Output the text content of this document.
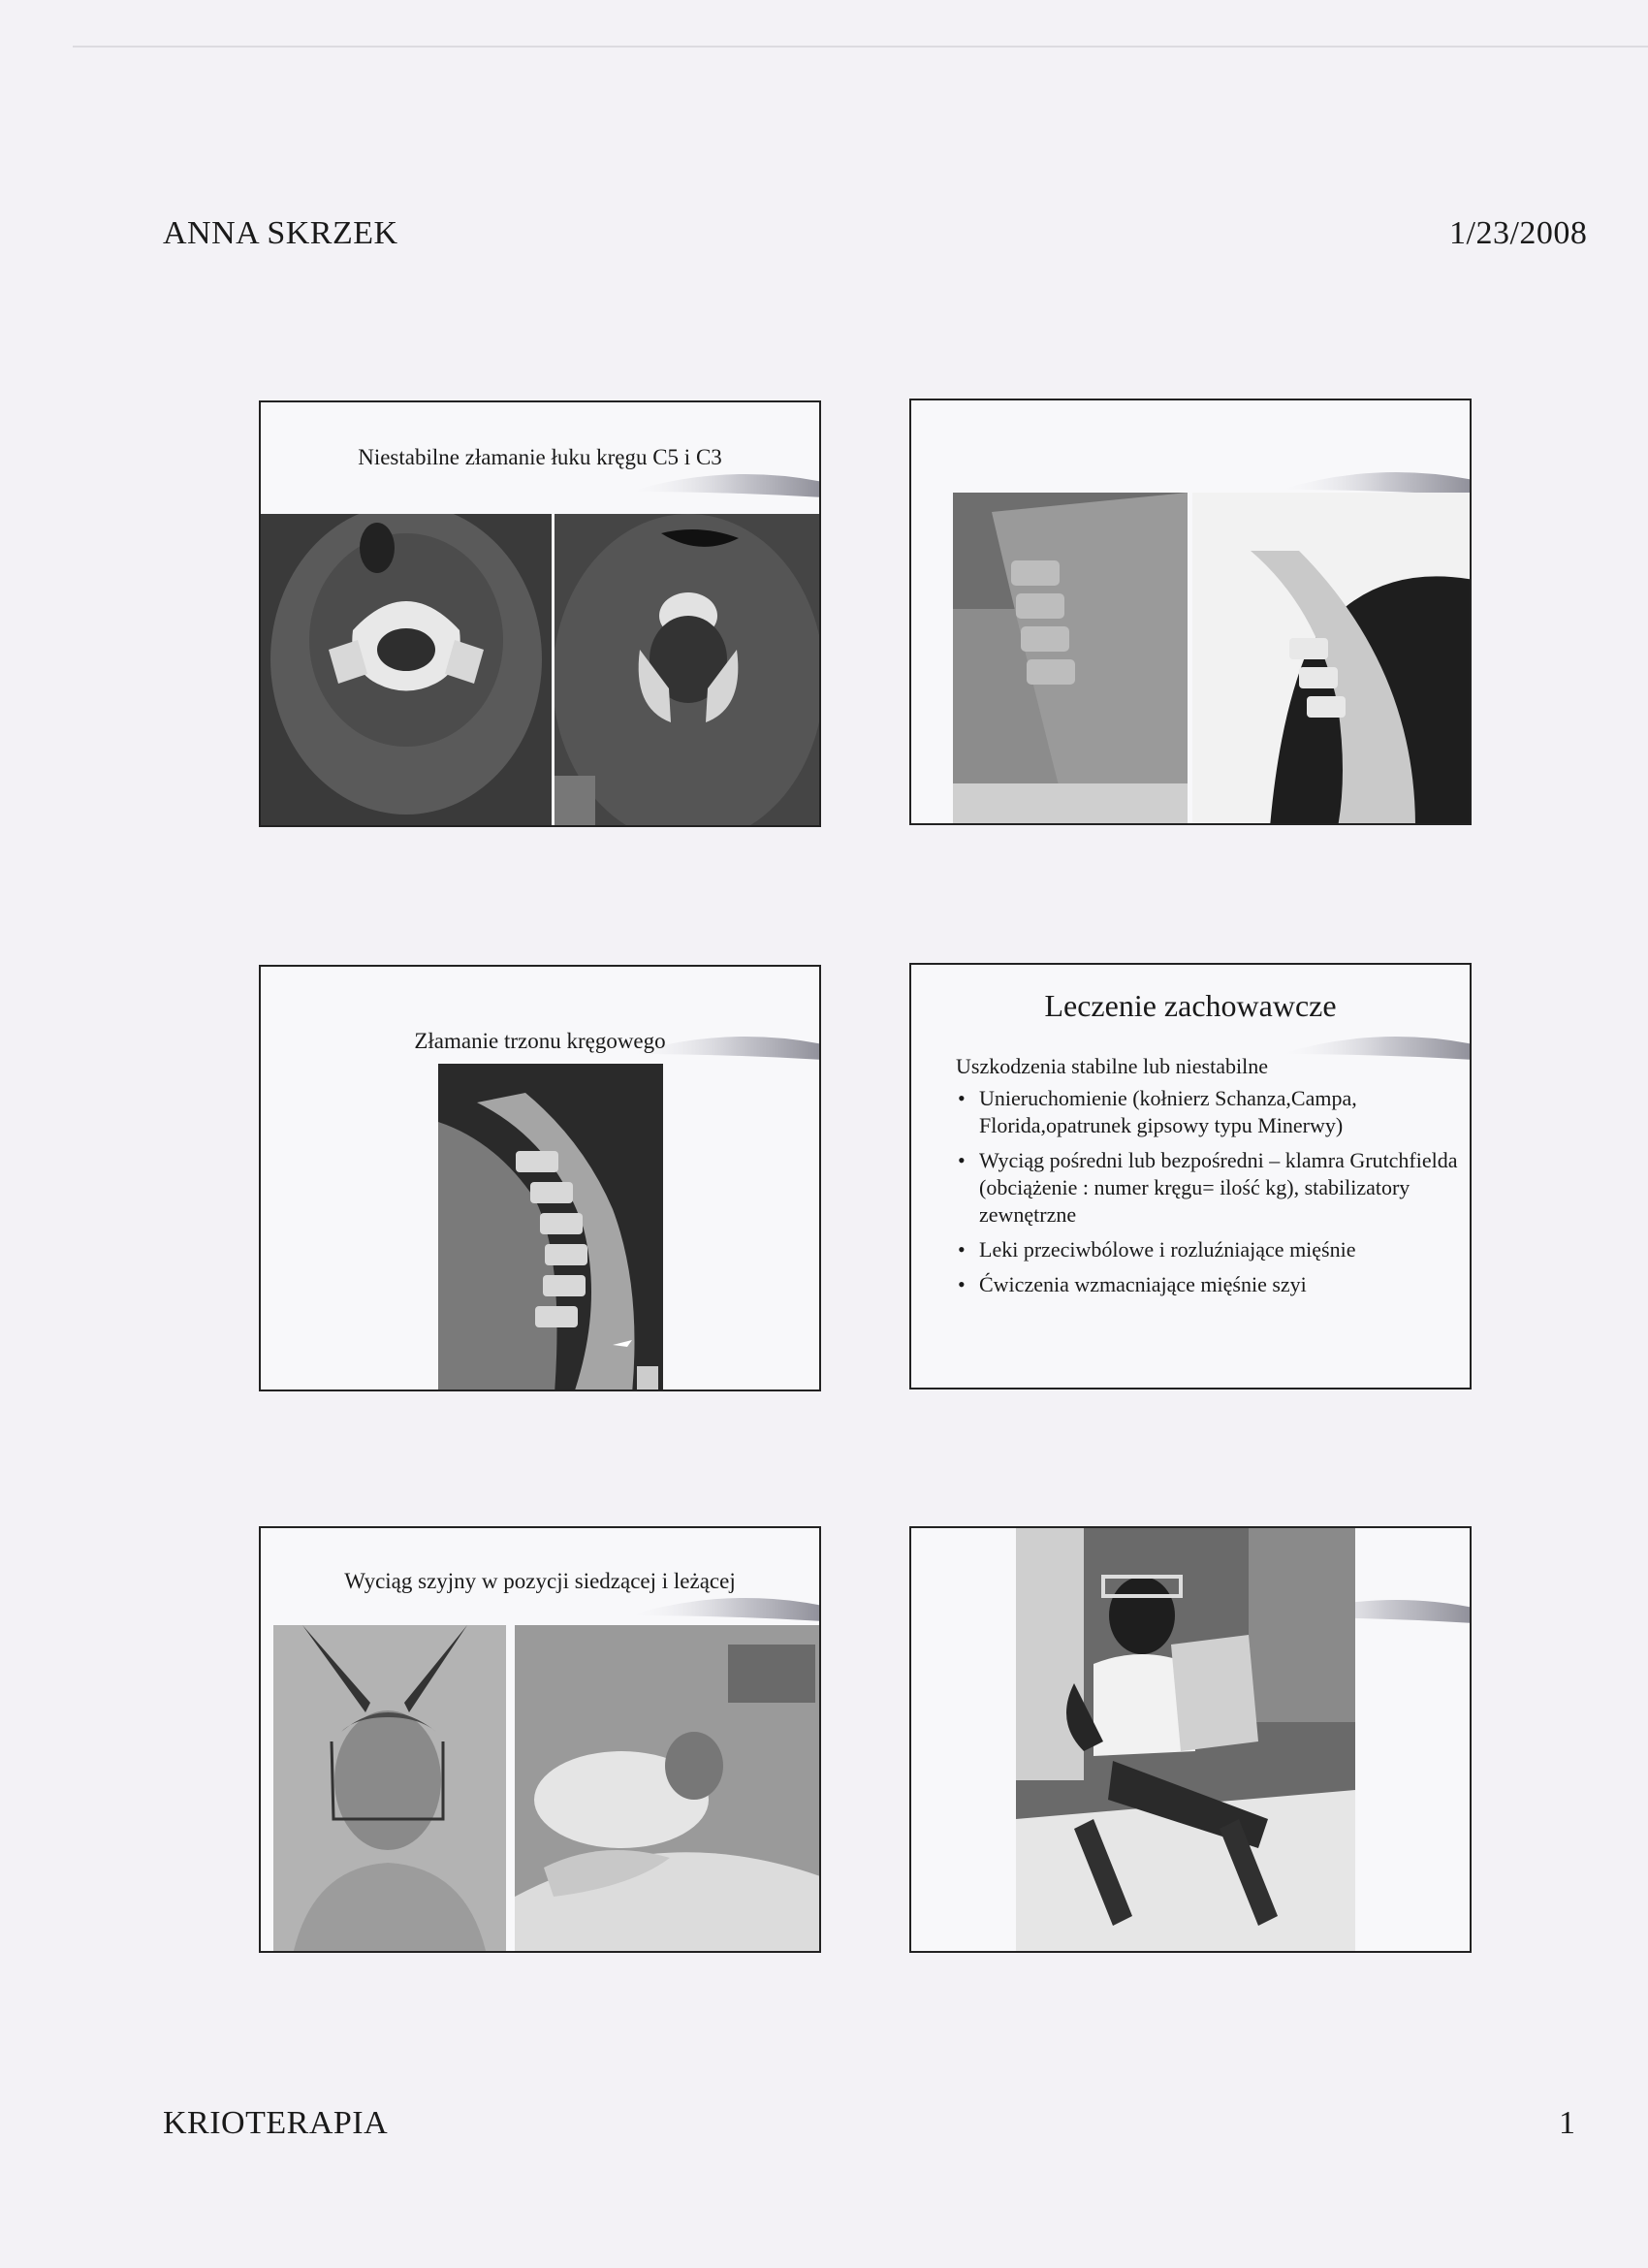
ANNA SKRZEK	1/23/2008
Niestabilne złamanie łuku kręgu C5 i C3
Złamanie trzonu kręgowego
Leczenie zachowawcze
Uszkodzenia stabilne lub niestabilne
• Unieruchomienie (kołnierz Schanza,Campa, Florida,opatrunek gipsowy typu Minerwy)
• Wyciąg pośredni lub bezpośredni – klamra Grutchfielda (obciążenie : numer kręgu= ilość kg), stabilizatory zewnętrzne
• Leki przeciwbólowe i rozluźniające mięśnie
• Ćwiczenia wzmacniające mięśnie szyi
Wyciąg szyjny w pozycji siedzącej i leżącej
KRIOTERAPIA	1
